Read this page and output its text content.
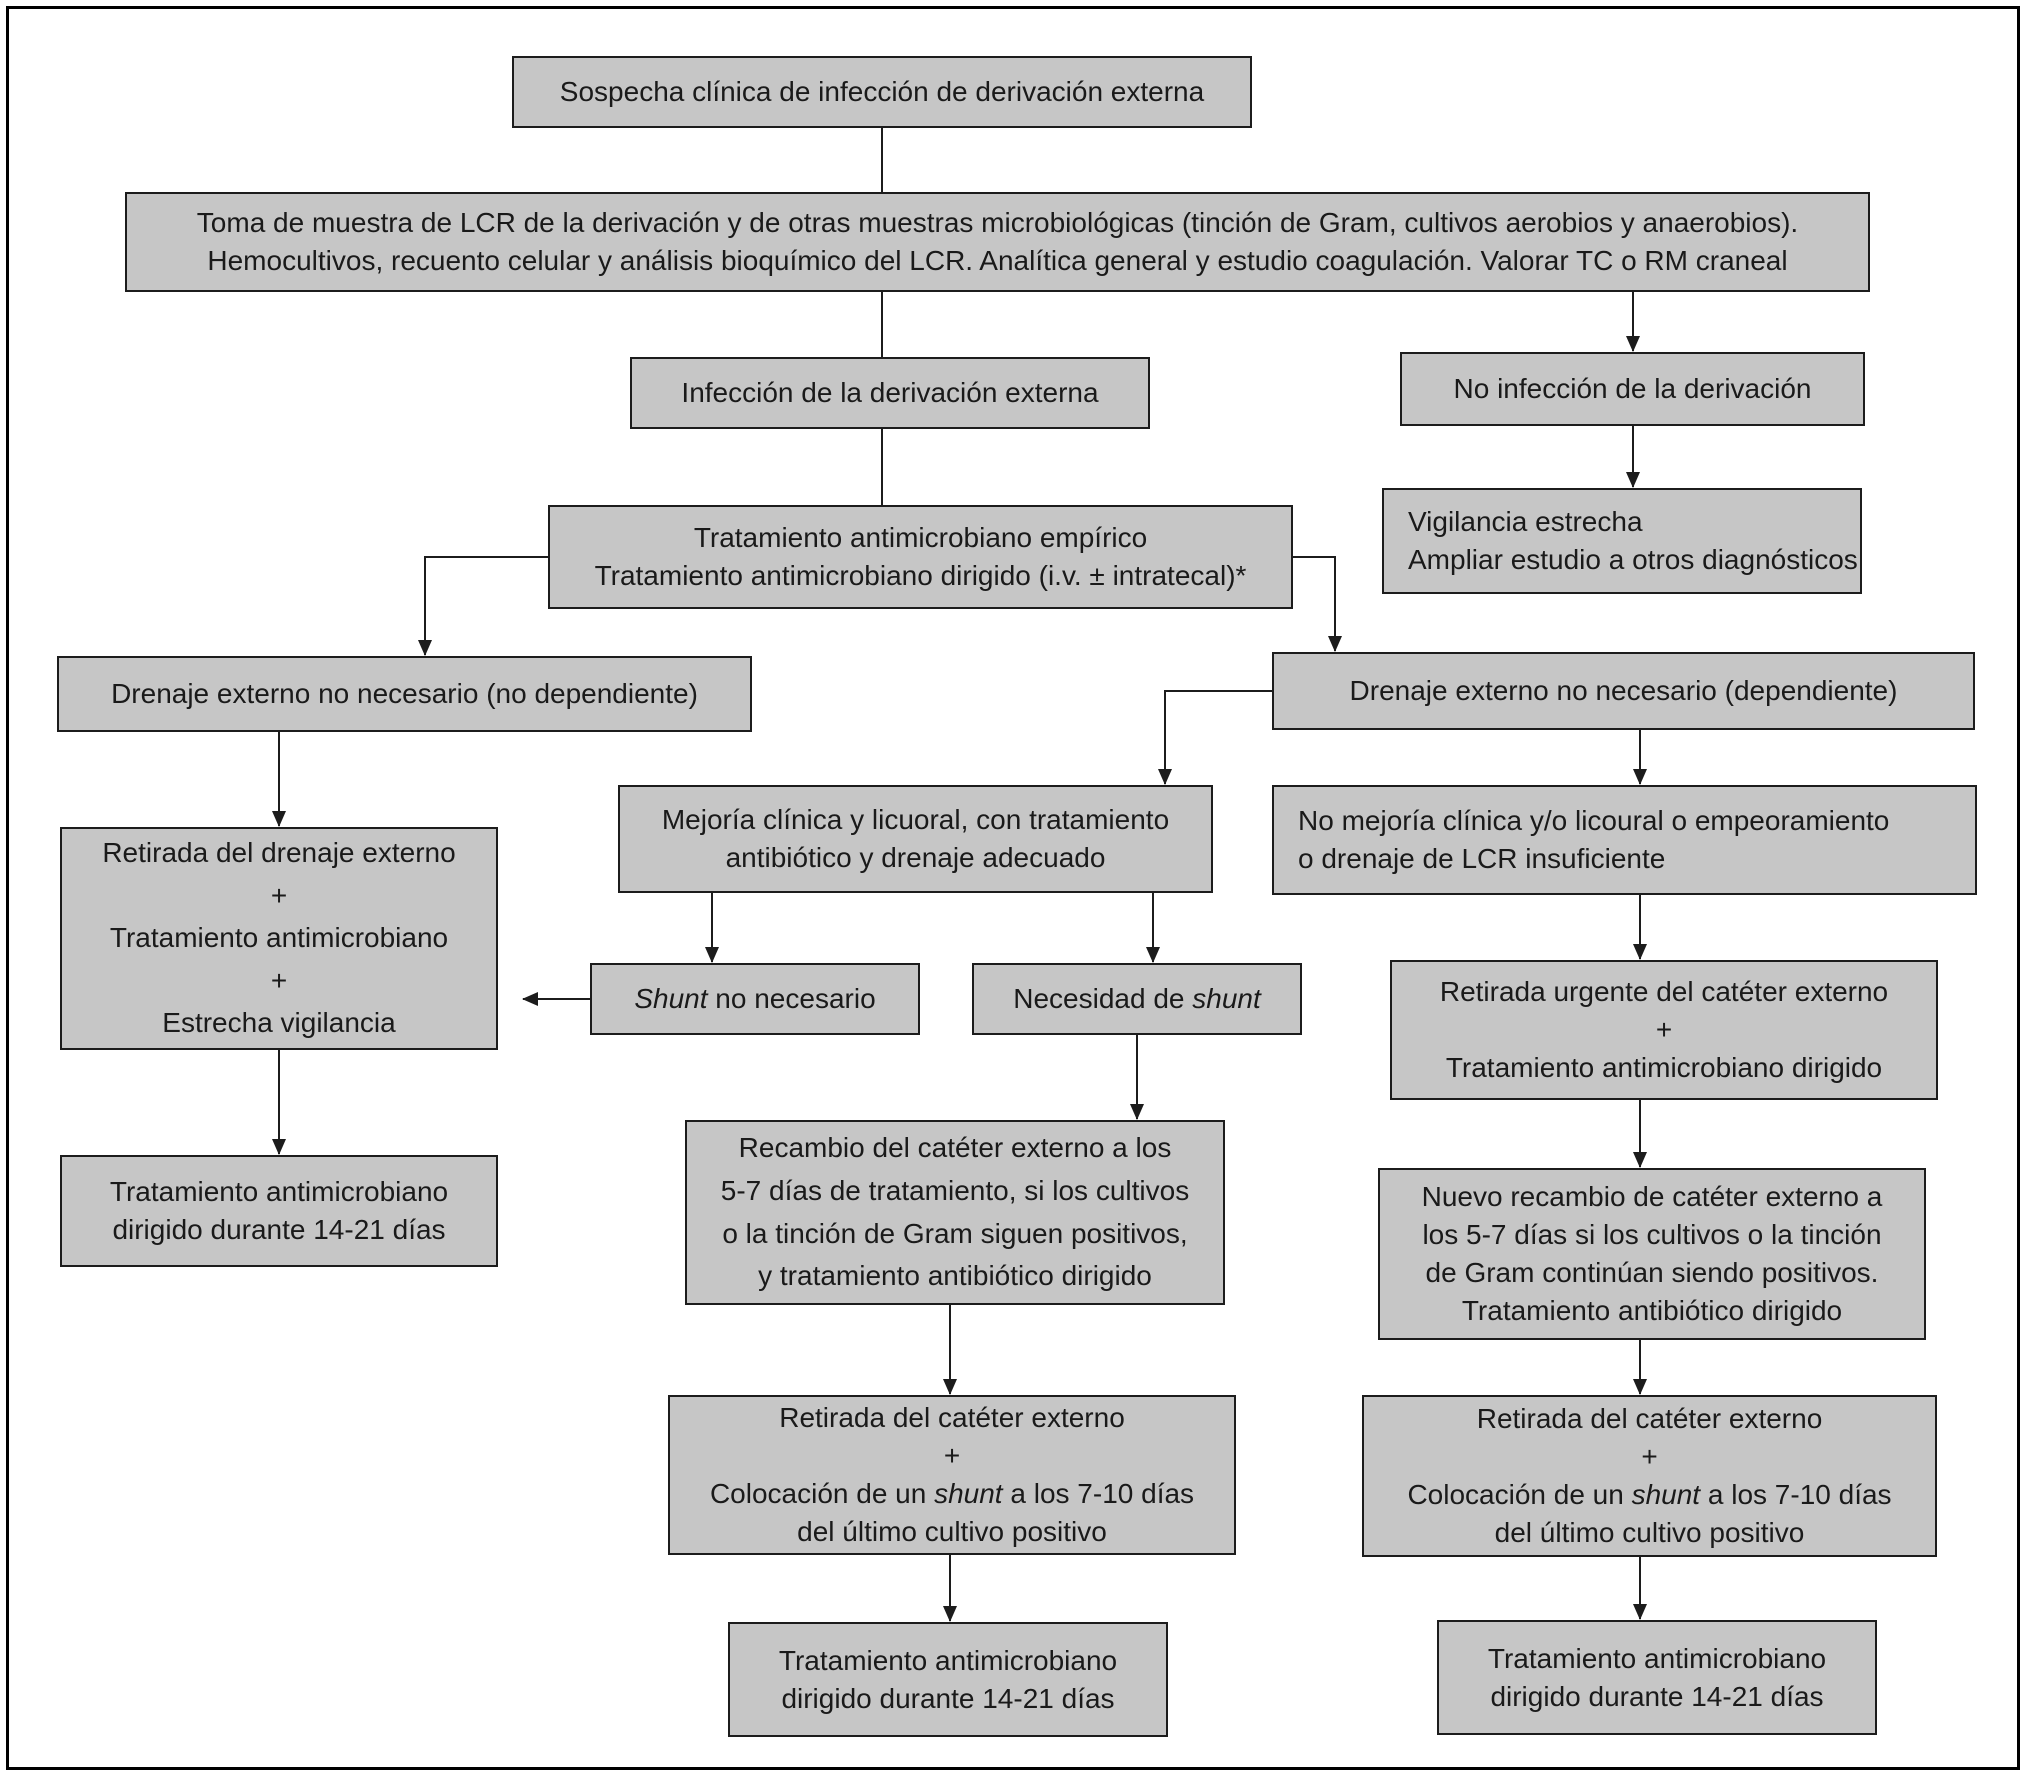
Sospecha clínica de infección de derivación externa
Toma de muestra de LCR de la derivación y de otras muestras microbiológicas (tinción de Gram, cultivos aerobios y anaerobios).
Hemocultivos, recuento celular y análisis bioquímico del LCR. Analítica general y estudio coagulación. Valorar TC o RM craneal
Infección de la derivación externa	No infección de la derivación
Tratamiento antimicrobiano empírico
Tratamiento antimicrobiano dirigido (i.v. ± intratecal)*
Vigilancia estrecha
Ampliar estudio a otros diagnósticos
Drenaje externo no necesario (no dependiente)	Drenaje externo no necesario (dependiente)
Retirada del drenaje externo
+
Tratamiento antimicrobiano
+
Estrecha vigilancia
Mejoría clínica y licuoral, con tratamiento
antibiótico y drenaje adecuado
No mejoría clínica y/o licoural o empeoramiento
o drenaje de LCR insuficiente
Shunt no necesario	Necesidad de shunt
Tratamiento antimicrobiano
dirigido durante 14-21 días
Recambio del catéter externo a los
5-7 días de tratamiento, si los cultivos
o la tinción de Gram siguen positivos,
y tratamiento antibiótico dirigido
Retirada urgente del catéter externo
+
Tratamiento antimicrobiano dirigido
Nuevo recambio de catéter externo a
los 5-7 días si los cultivos o la tinción
de Gram continúan siendo positivos.
Tratamiento antibiótico dirigido
Retirada del catéter externo
+
Colocación de un shunt a los 7-10 días
del último cultivo positivo
Retirada del catéter externo
+
Colocación de un shunt a los 7-10 días
del último cultivo positivo
Tratamiento antimicrobiano
dirigido durante 14-21 días
Tratamiento antimicrobiano
dirigido durante 14-21 días
